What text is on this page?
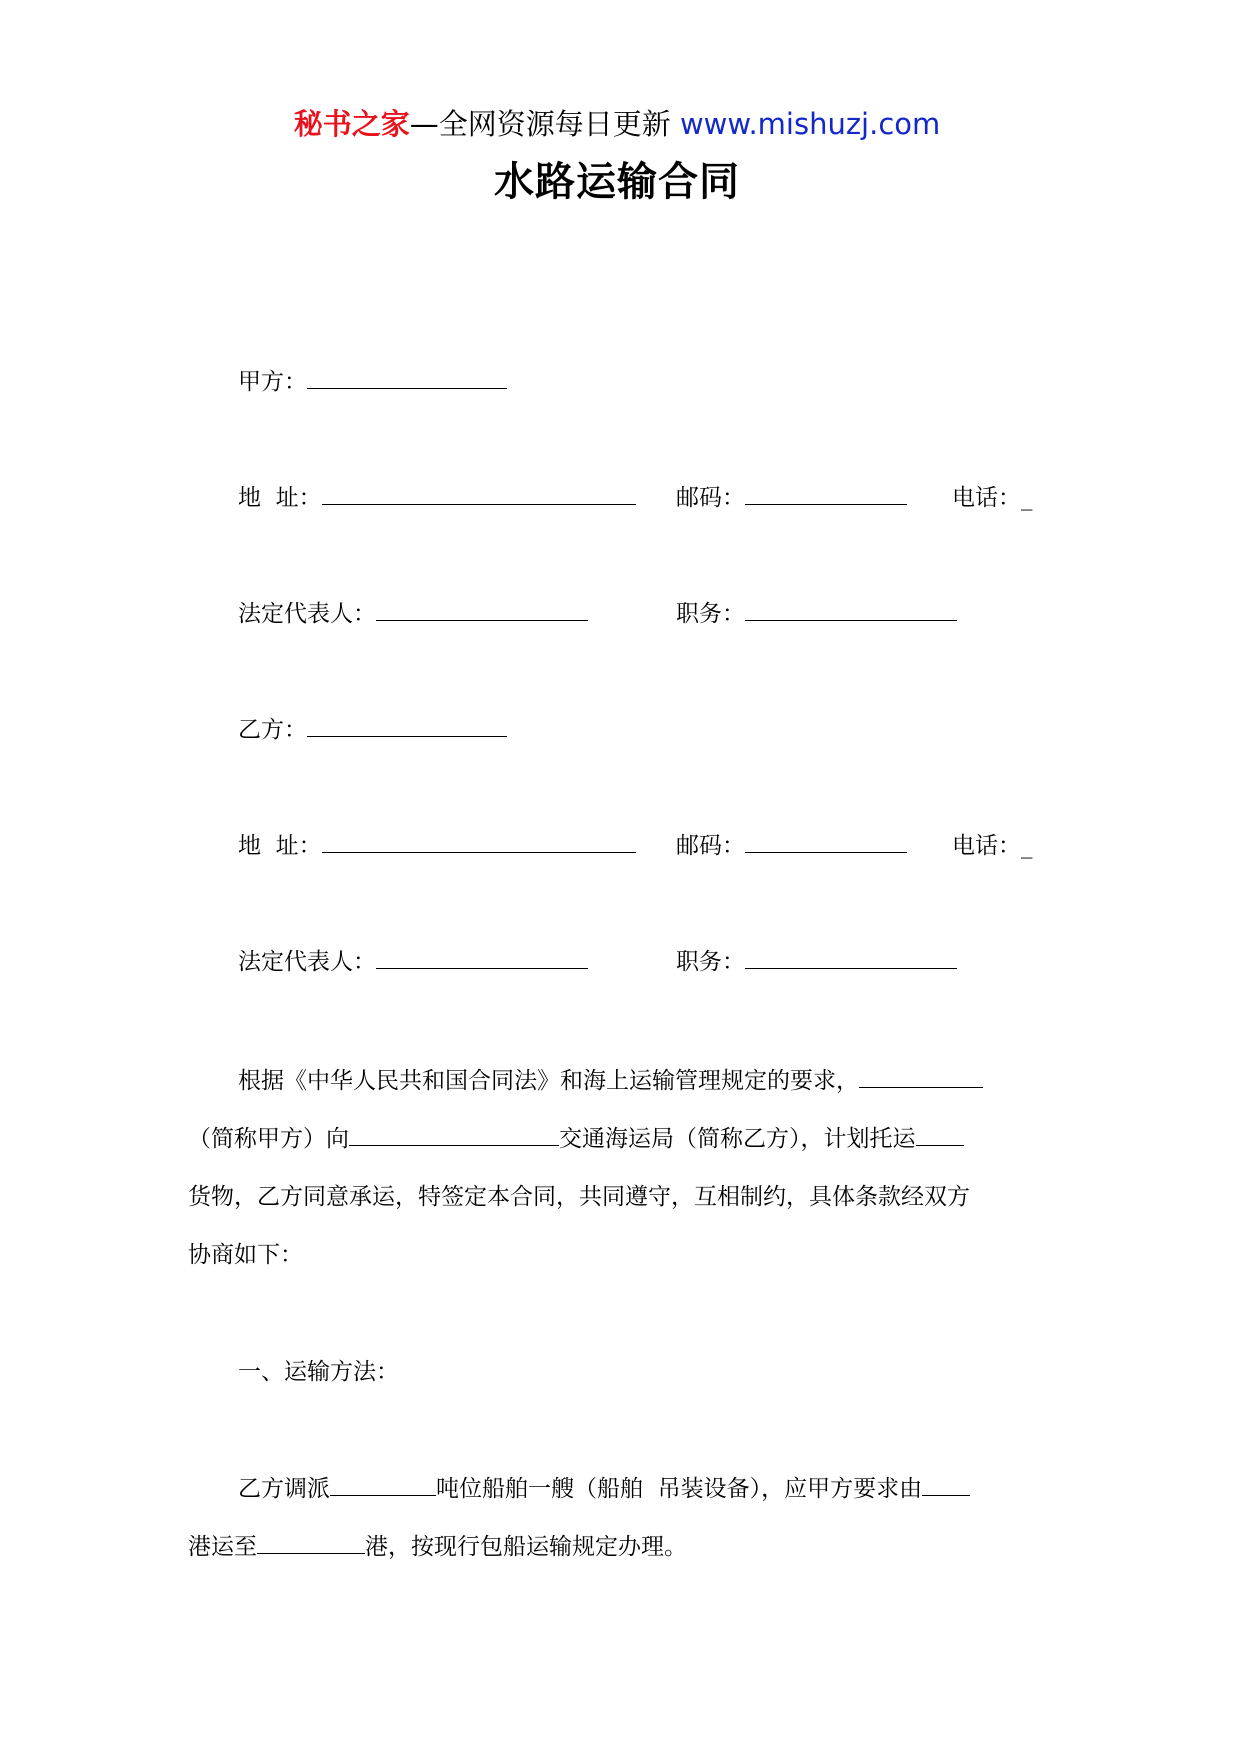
秘书之家—全网资源每日更新 www.mishuzj.com
水路运输合同
甲方：
地  址：	邮码：	电话：_
法定代表人：	职务：
乙方：
地  址：	邮码：	电话：_
法定代表人：	职务：
根据《中华人民共和国合同法》和海上运输管理规定的要求，
（简称甲方）向	交通海运局（简称乙方），计划托运
货物，乙方同意承运，特签定本合同，共同遵守，互相制约，具体条款经双方
协商如下：
一、运输方法：
乙方调派	吨位船舶一艘（船舶  吊装设备），应甲方要求由
港运至	港，按现行包船运输规定办理。
